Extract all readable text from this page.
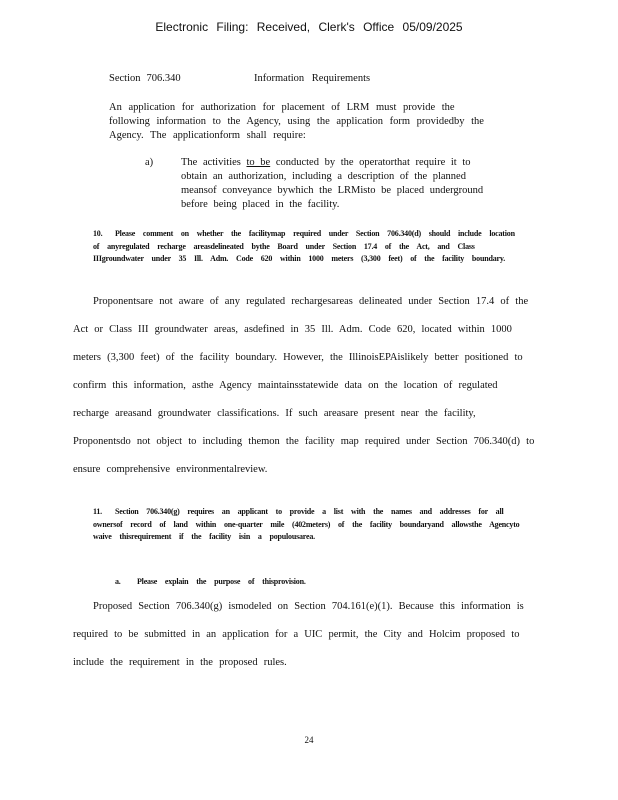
Electronic Filing: Received, Clerk's Office 05/09/2025
Section 706.340	Information Requirements
An application for authorization for placement of LRM must provide the following information to the Agency, using the application form providedby the Agency. The applicationform shall require:
a)	The activities to be conducted by the operatorthat require it to obtain an authorization, including a description of the planned meansof conveyance bywhich the LRMisto be placed underground before being placed in the facility.
10. Please comment on whether the facilitymap required under Section 706.340(d) should include location of anyregulated recharge areasdelineated bythe Board under Section 17.4 of the Act, and Class IIIgroundwater under 35 Ill. Adm. Code 620 within 1000 meters (3,300 feet) of the facility boundary.
Proponentsare not aware of any regulated rechargesareas delineated under Section 17.4 of the Act or Class III groundwater areas, asdefined in 35 Ill. Adm. Code 620, located within 1000 meters (3,300 feet) of the facility boundary. However, the IllinoisEPAislikely better positioned to confirm this information, asthe Agency maintainsstatewide data on the location of regulated recharge areasand groundwater classifications. If such areasare present near the facility, Proponentsdo not object to including themon the facility map required under Section 706.340(d) to ensure comprehensive environmentalreview.
11. Section 706.340(g) requires an applicant to provide a list with the names and addresses for all ownersof record of land within one-quarter mile (402meters) of the facility boundaryand allowsthe Agencyto waive thisrequirement if the facility isin a populousarea.
a. Please explain the purpose of thisprovision.
Proposed Section 706.340(g) ismodeled on Section 704.161(e)(1). Because this information is required to be submitted in an application for a UIC permit, the City and Holcim proposed to include the requirement in the proposed rules.
24
